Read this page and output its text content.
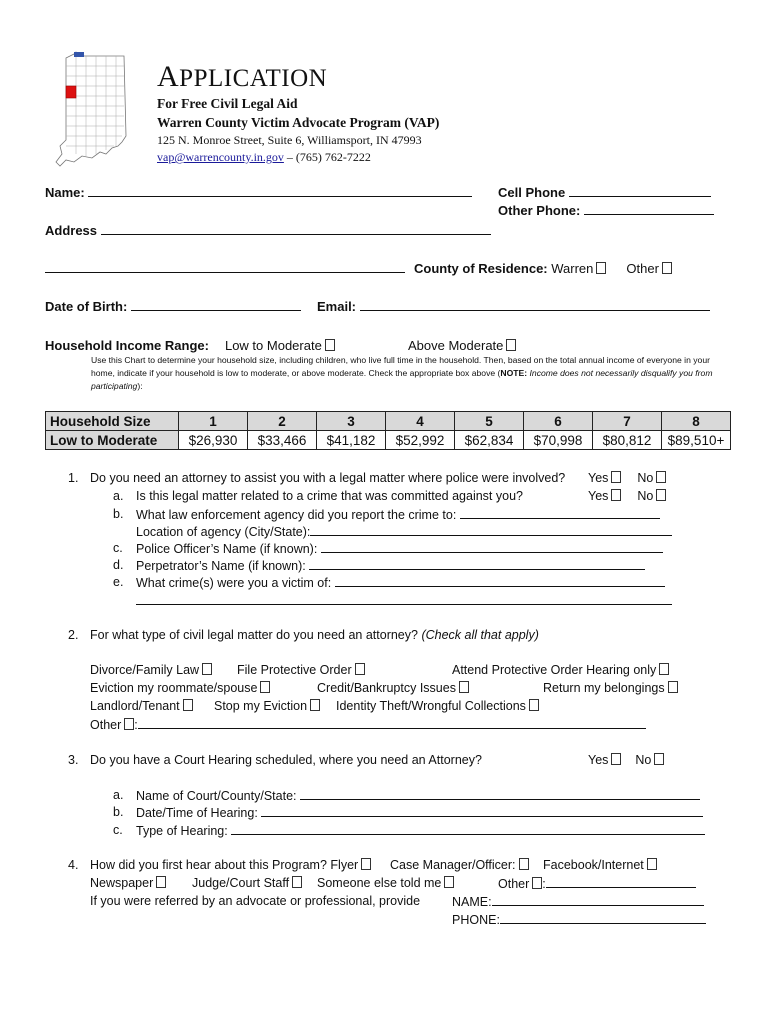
APPLICATION
For Free Civil Legal Aid
Warren County Victim Advocate Program (VAP)
125 N. Monroe Street, Suite 6, Williamsport, IN 47993
vap@warrencounty.in.gov – (765) 762-7222
Name:	Cell Phone
Other Phone:
Address
County of Residence: Warren	Other
Date of Birth:	Email:
Household Income Range: Low to Moderate	Above Moderate
Use this Chart to determine your household size, including children, who live full time in the household. Then, based on the total annual income of everyone in your home, indicate if your household is low to moderate, or above moderate. Check the appropriate box above (NOTE: Income does not necessarily disqualify you from participating):
Household Size	1	2	3	4	5	6	7	8
Low to Moderate	$26,930	$33,466	$41,182	$52,992	$62,834	$70,998	$80,812	$89,510+
1. Do you need an attorney to assist you with a legal matter where police were involved? Yes No
a. Is this legal matter related to a crime that was committed against you?	Yes No
b. What law enforcement agency did you report the crime to:
Location of agency (City/State):
c. Police Officer’s Name (if known):
d. Perpetrator’s Name (if known):
e. What crime(s) were you a victim of:
2. For what type of civil legal matter do you need an attorney? (Check all that apply)
Divorce/Family Law	File Protective Order	Attend Protective Order Hearing only
Eviction my roommate/spouse	Credit/Bankruptcy Issues	Return my belongings
Landlord/Tenant	Stop my Eviction	Identity Theft/Wrongful Collections
Other :
3. Do you have a Court Hearing scheduled, where you need an Attorney?	Yes No
a. Name of Court/County/State:
b. Date/Time of Hearing:
c. Type of Hearing:
4. How did you first hear about this Program? Flyer	Case Manager/Officer:	Facebook/Internet
Newspaper	Judge/Court Staff	Someone else told me	Other :
If you were referred by an advocate or professional, provide	NAME:
PHONE:
